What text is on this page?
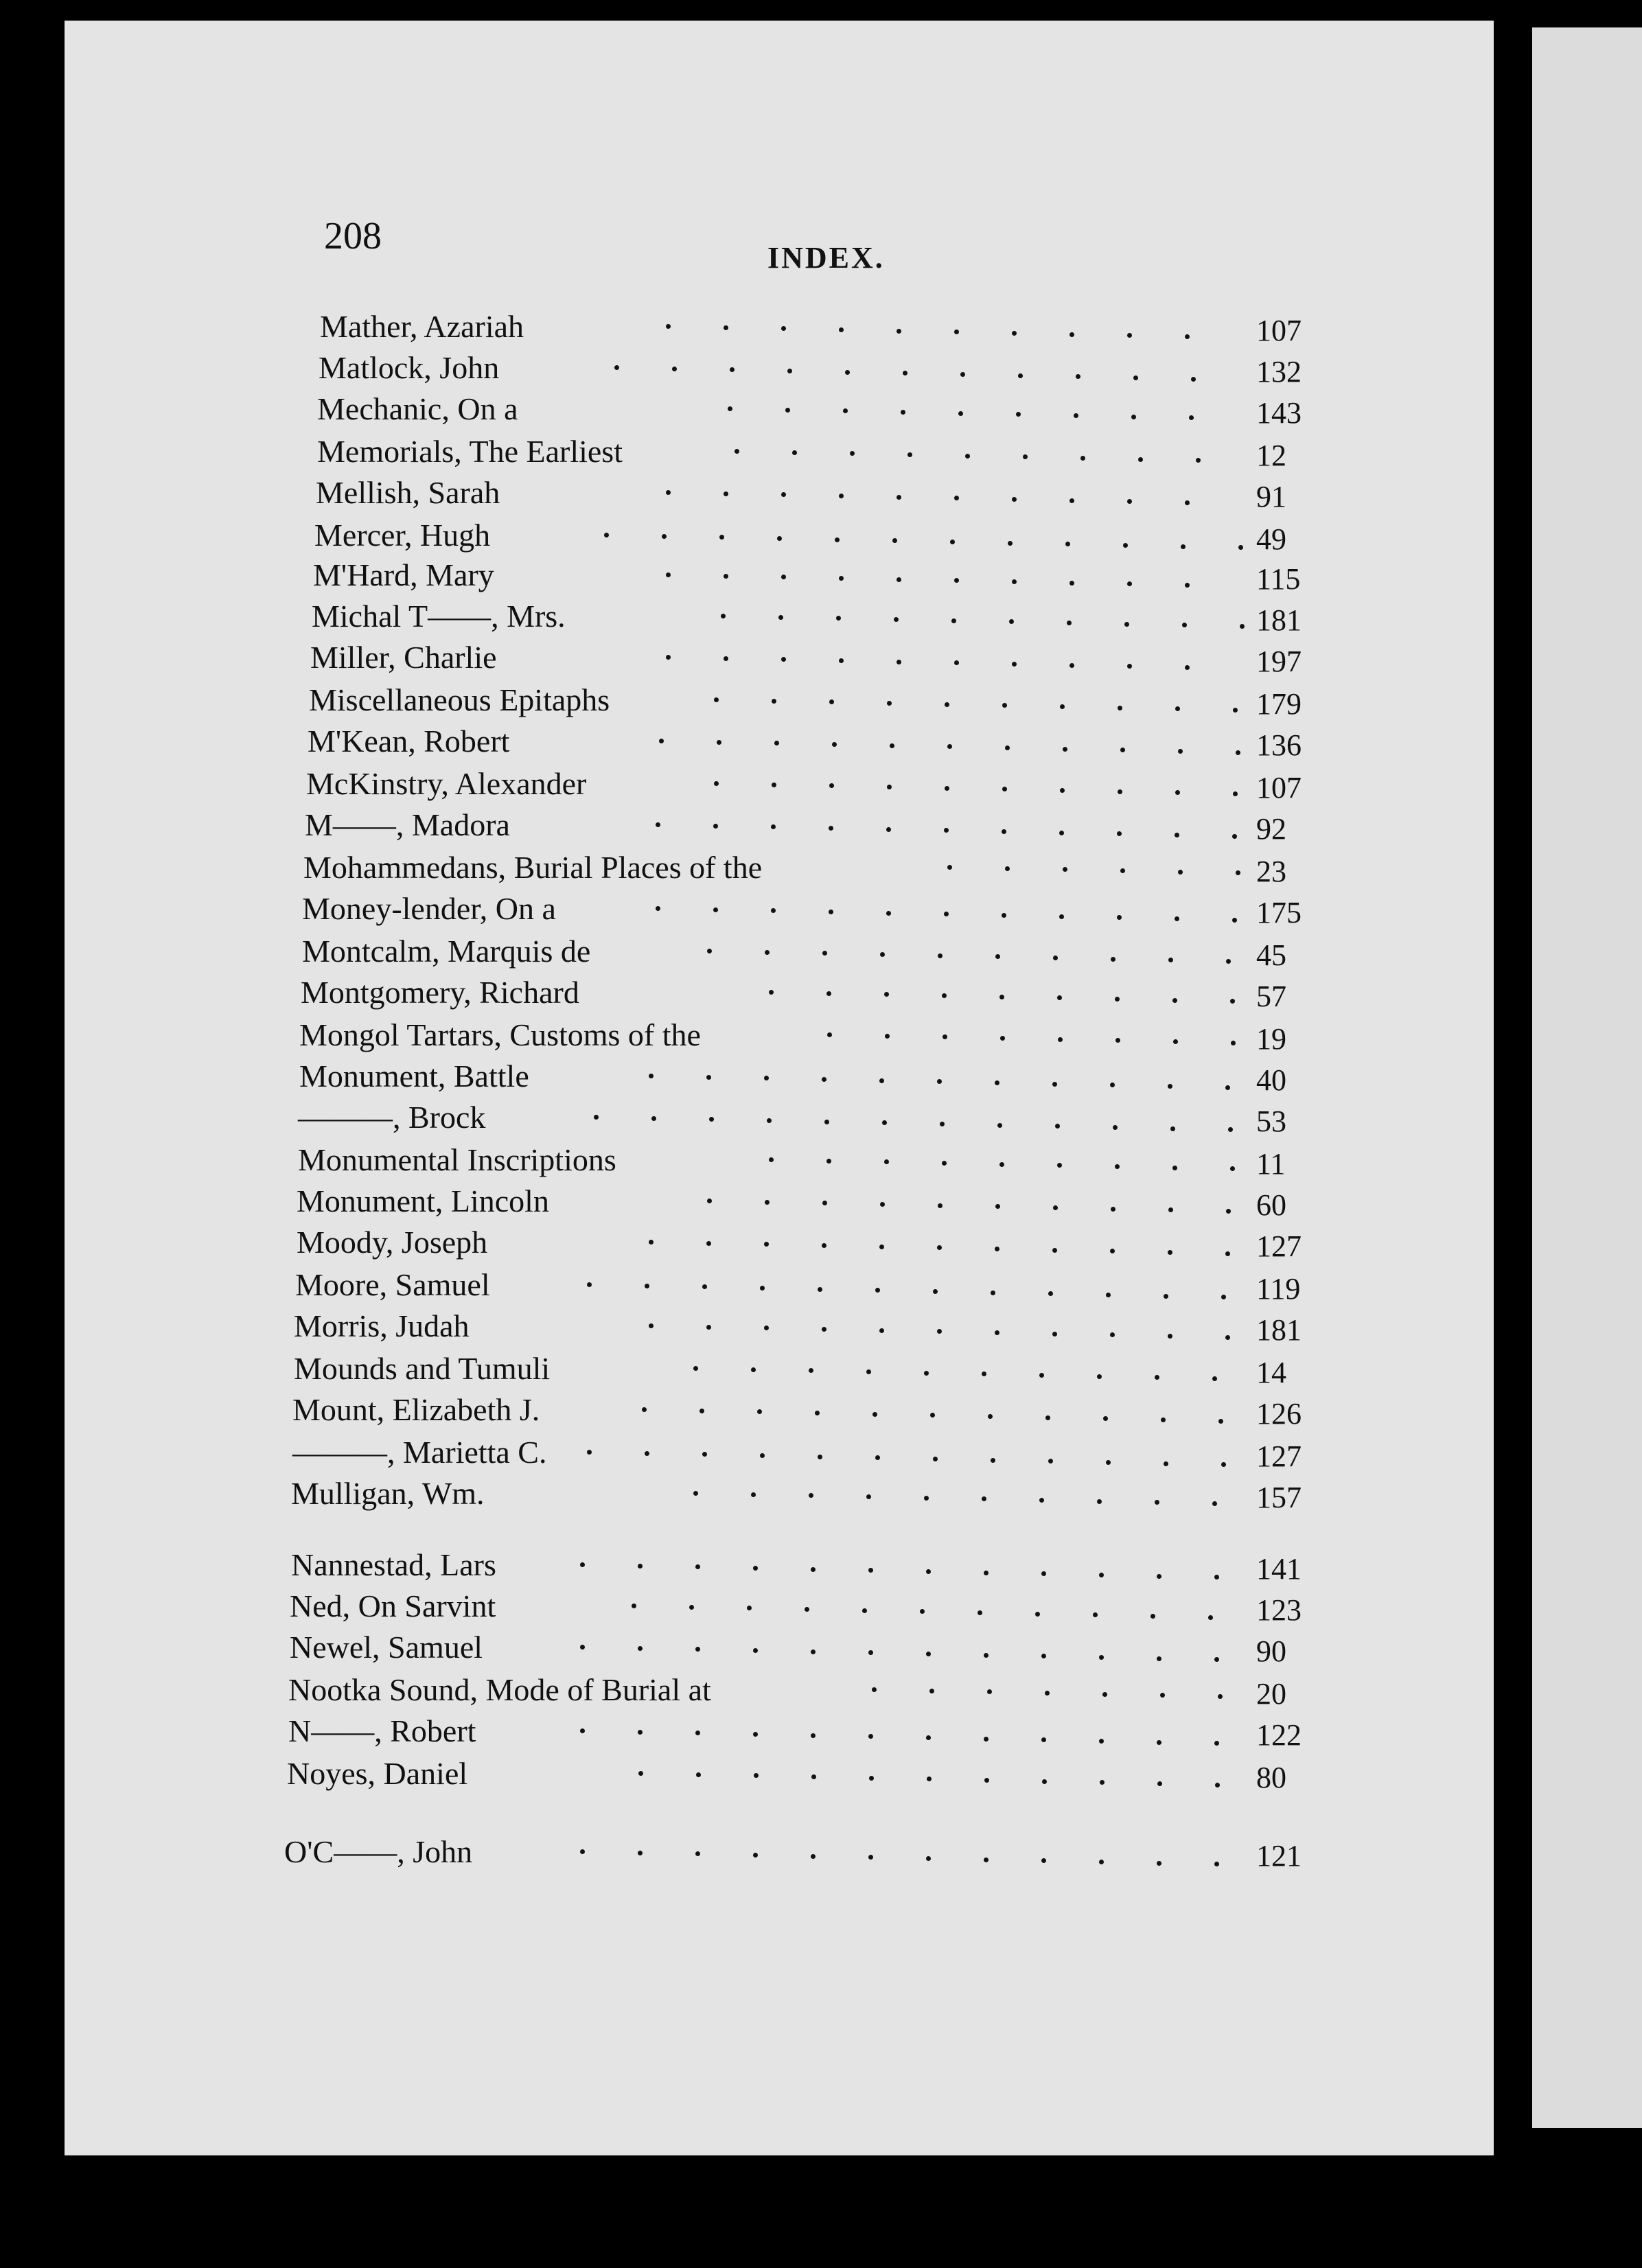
208
INDEX.
Mather, Azariah	107
Matlock, John	132
Mechanic, On a	143
Memorials, The Earliest	12
Mellish, Sarah	91
Mercer, Hugh	49
M'Hard, Mary	115
Michal T——, Mrs.	181
Miller, Charlie	197
Miscellaneous Epitaphs	179
M'Kean, Robert	136
McKinstry, Alexander	107
M——, Madora	92
Mohammedans, Burial Places of the	23
Money-lender, On a	175
Montcalm, Marquis de	45
Montgomery, Richard	57
Mongol Tartars, Customs of the	19
Monument, Battle	40
———, Brock	53
Monumental Inscriptions	11
Monument, Lincoln	60
Moody, Joseph	127
Moore, Samuel	119
Morris, Judah	181
Mounds and Tumuli	14
Mount, Elizabeth J.	126
———, Marietta C.	127
Mulligan, Wm.	157
Nannestad, Lars	141
Ned, On Sarvint	123
Newel, Samuel	90
Nootka Sound, Mode of Burial at	20
N——, Robert	122
Noyes, Daniel	80
O'C——, John	121
